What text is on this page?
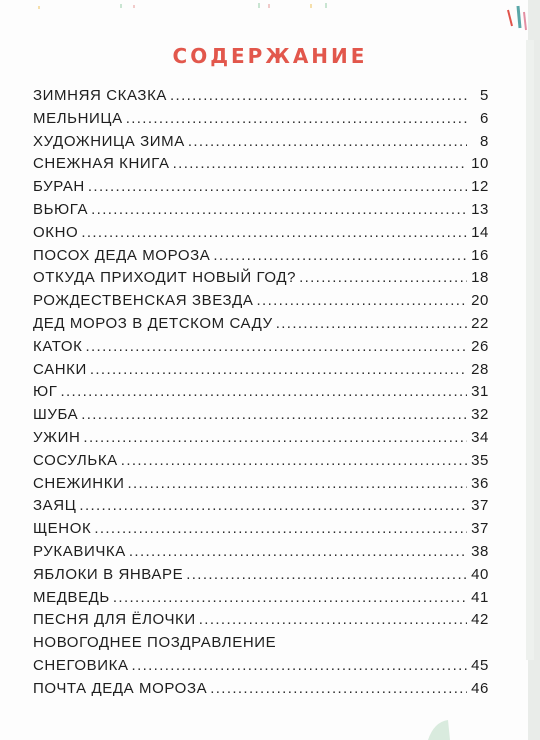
СОДЕРЖАНИЕ
ЗИМНЯЯ СКАЗКА . . .	5
МЕЛЬНИЦА . . .	6
ХУДОЖНИЦА ЗИМА . . .	8
СНЕЖНАЯ КНИГА . . .	10
БУРАН . . .	12
ВЬЮГА . . .	13
ОКНО . . .	14
ПОСОХ ДЕДА МОРОЗА . . .	16
ОТКУДА ПРИХОДИТ НОВЫЙ ГОД? . . .	18
РОЖДЕСТВЕНСКАЯ ЗВЕЗДА . . .	20
ДЕД МОРОЗ В ДЕТСКОМ САДУ . . .	22
КАТОК . . .	26
САНКИ . . .	28
ЮГ . . .	31
ШУБА . . .	32
УЖИН . . .	34
СОСУЛЬКА . . .	35
СНЕЖИНКИ . . .	36
ЗАЯЦ . . .	37
ЩЕНОК . . .	37
РУКАВИЧКА . . .	38
ЯБЛОКИ В ЯНВАРЕ . . .	40
МЕДВЕДЬ . . .	41
ПЕСНЯ ДЛЯ ЁЛОЧКИ . . .	42
НОВОГОДНЕЕ ПОЗДРАВЛЕНИЕ
СНЕГОВИКА . . .	45
ПОЧТА ДЕДА МОРОЗА . . .	46
